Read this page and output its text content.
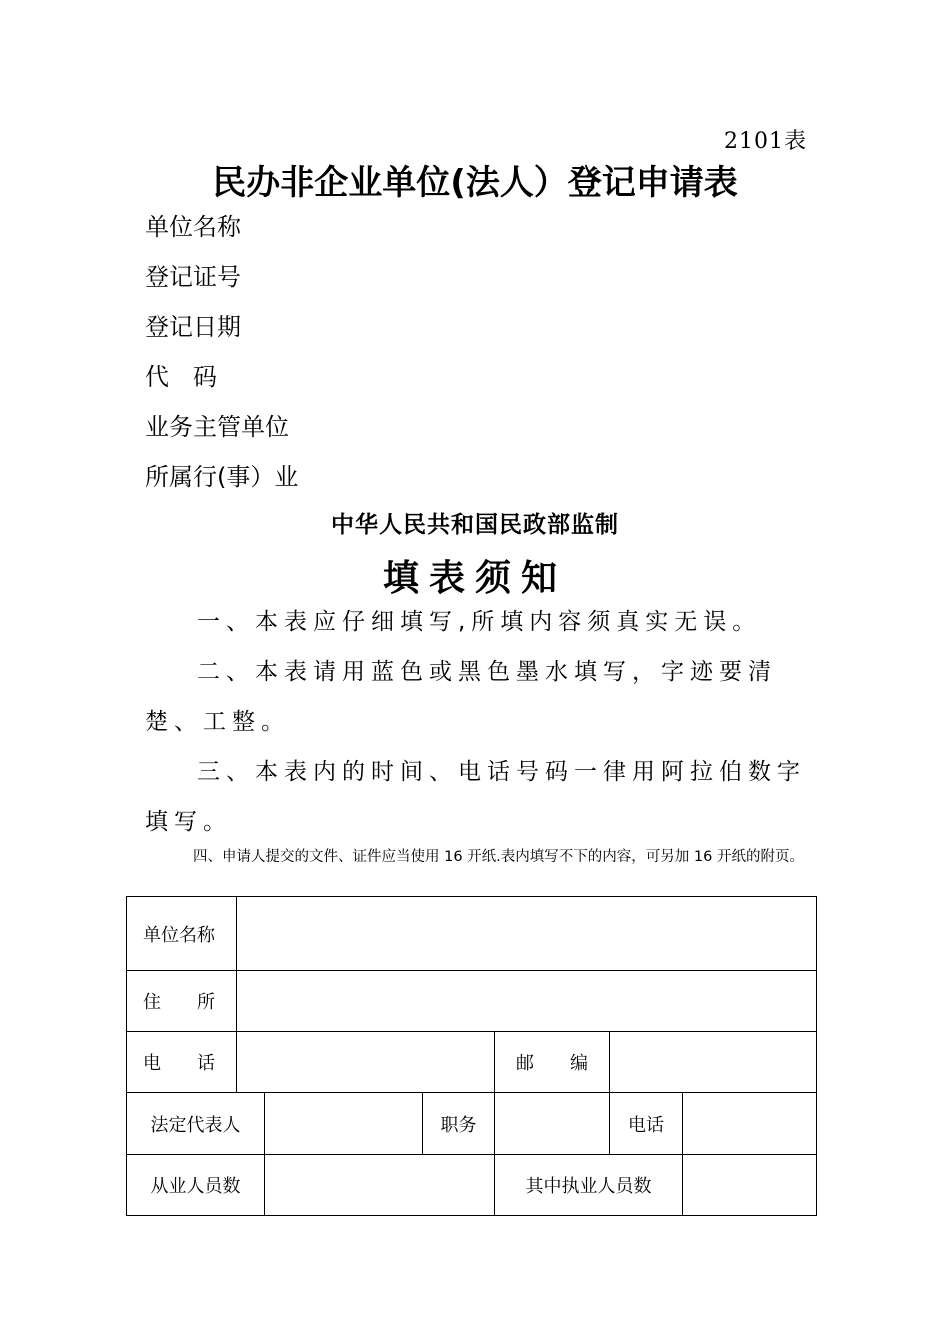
2101表
民办非企业单位(法人）登记申请表
单位名称
登记证号
登记日期
代　码
业务主管单位
所属行(事）业
中华人民共和国民政部监制
填表须知
一、本表应仔细填写,所填内容须真实无误。
二、本表请用蓝色或黑色墨水填写，字迹要清楚、工整。
三、本表内的时间、电话号码一律用阿拉伯数字填写。
四、申请人提交的文件、证件应当使用 16 开纸.表内填写不下的内容，可另加 16 开纸的附页。
单位名称						
住　　所						
电　　话				邮　　编		
法定代表人			职务		电话	
从业人员数				其中执业人员数		
